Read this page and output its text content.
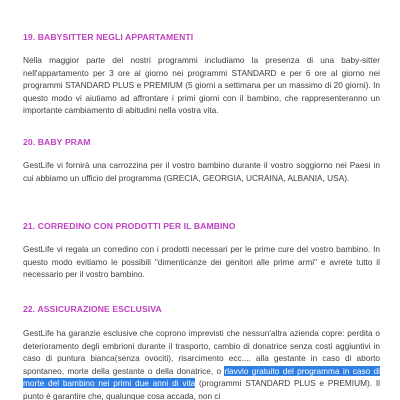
19. BABYSITTER NEGLI APPARTAMENTI

Nella maggior parte dei nostri programmi includiamo la presenza di una baby-sitter nell'appartamento per 3 ore al giorno nei programmi STANDARD e per 6 ore al giorno nei programmi STANDARD PLUS e PREMIUM (5 giorni a settimana per un massimo di 20 giorni). In questo modo vi aiutiamo ad affrontare i primi giorni con il bambino, che rappresenteranno un importante cambiamento di abitudini nella vostra vita.

20. BABY PRAM

GestLife vi fornirà una carrozzina per il vostro bambino durante il vostro soggiorno nei Paesi in cui abbiamo un ufficio del programma (GRECIA, GEORGIA, UCRAINA, ALBANIA, USA).

21. CORREDINO CON PRODOTTI PER IL BAMBINO

GestLife vi regala un corredino con i prodotti necessari per le prime cure del vostro bambino. In questo modo evitiamo le possibili "dimenticanze dei genitori alle prime armi" e avrete tutto il necessario per il vostro bambino.

22. ASSICURAZIONE ESCLUSIVA

GestLife ha garanzie esclusive che coprono imprevisti che nessun'altra azienda copre: perdita o deterioramento degli embrioni durante il trasporto, cambio di donatrice senza costi aggiuntivi in caso di puntura bianca(senza ovociti), risarcimento ecc.... alla gestante in caso di aborto spontaneo, morte della gestante o della donatrice, o rlavvio gratuito del programma in caso di morte del bambino nei primi due anni di vita (programmi STANDARD PLUS e PREMIUM). Il punto è garantire che, qualunque cosa accada, non ci
